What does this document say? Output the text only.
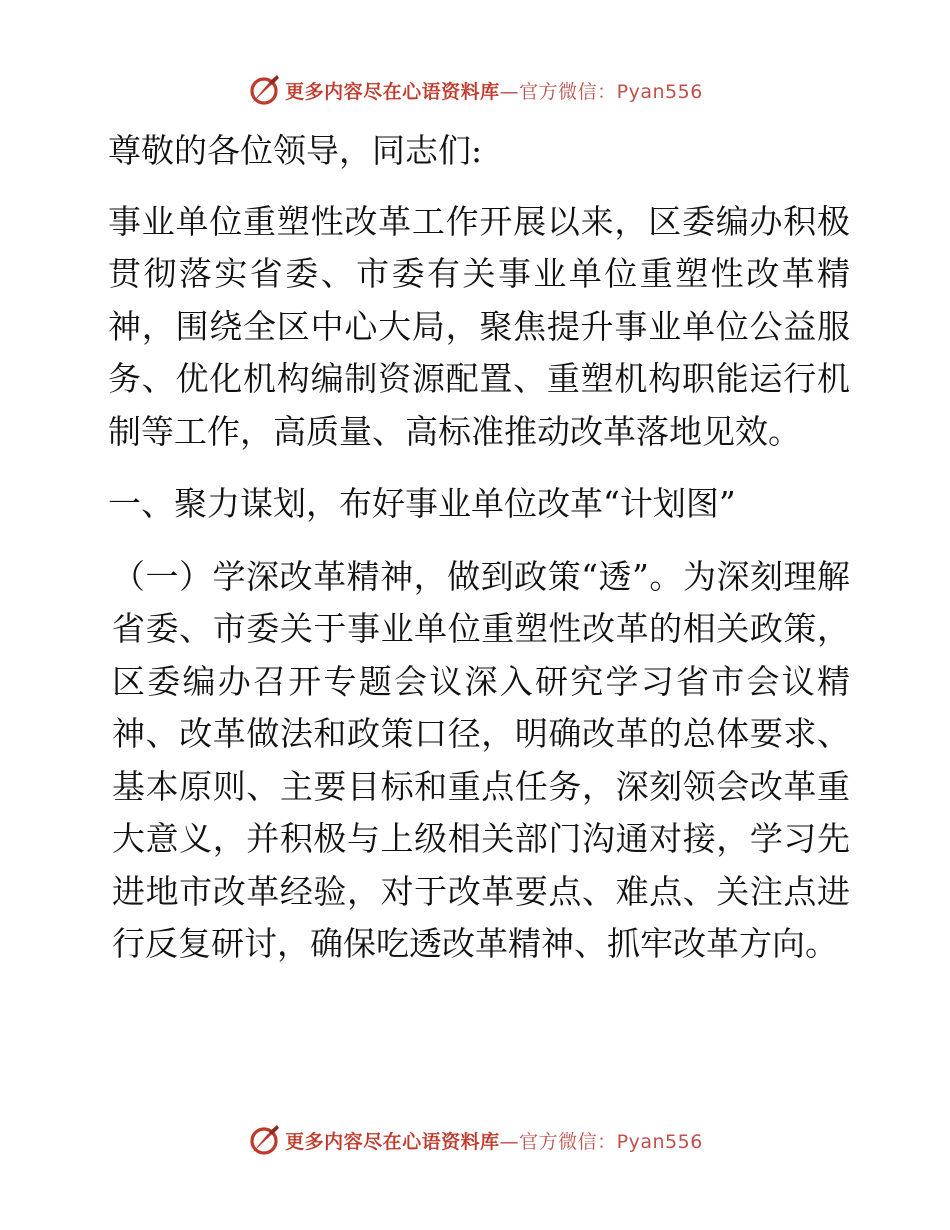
更多内容尽在心语资料库—官方微信：Pyan556

尊敬的各位领导，同志们:

事业单位重塑性改革工作开展以来，区委编办积极贯彻落实省委、市委有关事业单位重塑性改革精神，围绕全区中心大局，聚焦提升事业单位公益服务、优化机构编制资源配置、重塑机构职能运行机制等工作，高质量、高标准推动改革落地见效。

一、聚力谋划，布好事业单位改革“计划图”

（一）学深改革精神，做到政策“透”。为深刻理解省委、市委关于事业单位重塑性改革的相关政策，区委编办召开专题会议深入研究学习省市会议精神、改革做法和政策口径，明确改革的总体要求、基本原则、主要目标和重点任务，深刻领会改革重大意义，并积极与上级相关部门沟通对接，学习先进地市改革经验，对于改革要点、难点、关注点进行反复研讨，确保吃透改革精神、抓牢改革方向。

更多内容尽在心语资料库—官方微信：Pyan556
